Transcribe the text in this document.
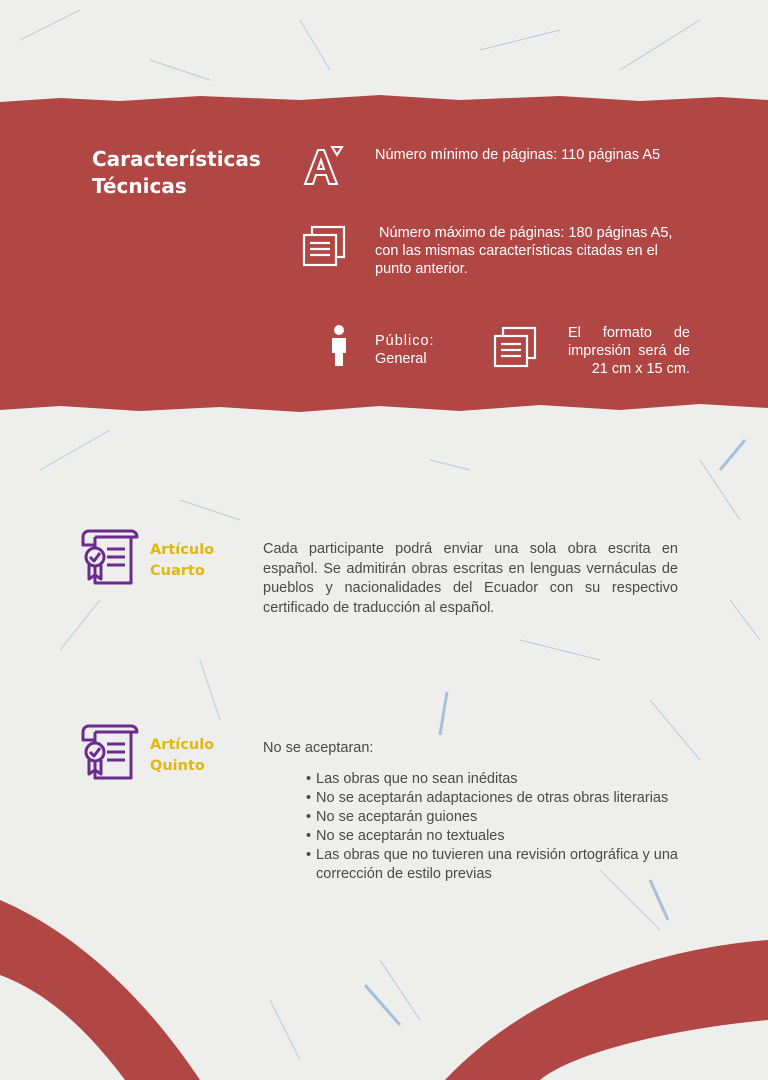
Características Técnicas
Número mínimo de páginas: 110 páginas A5
Número máximo de páginas: 180 páginas A5, con las mismas características citadas en el punto anterior.
Público:
General
El formato de impresión será de 21 cm x 15 cm.
Artículo Cuarto
Cada participante podrá enviar una sola obra escrita en español. Se admitirán obras escritas en lenguas vernáculas de pueblos y nacionalidades del Ecuador con su respectivo certificado de traducción al español.
Artículo Quinto
No se aceptaran:
• Las obras que no sean inéditas
• No se aceptarán adaptaciones de otras obras literarias
• No se aceptarán guiones
• No se aceptarán no textuales
• Las obras que no tuvieren una revisión ortográfica y una corrección de estilo previas
